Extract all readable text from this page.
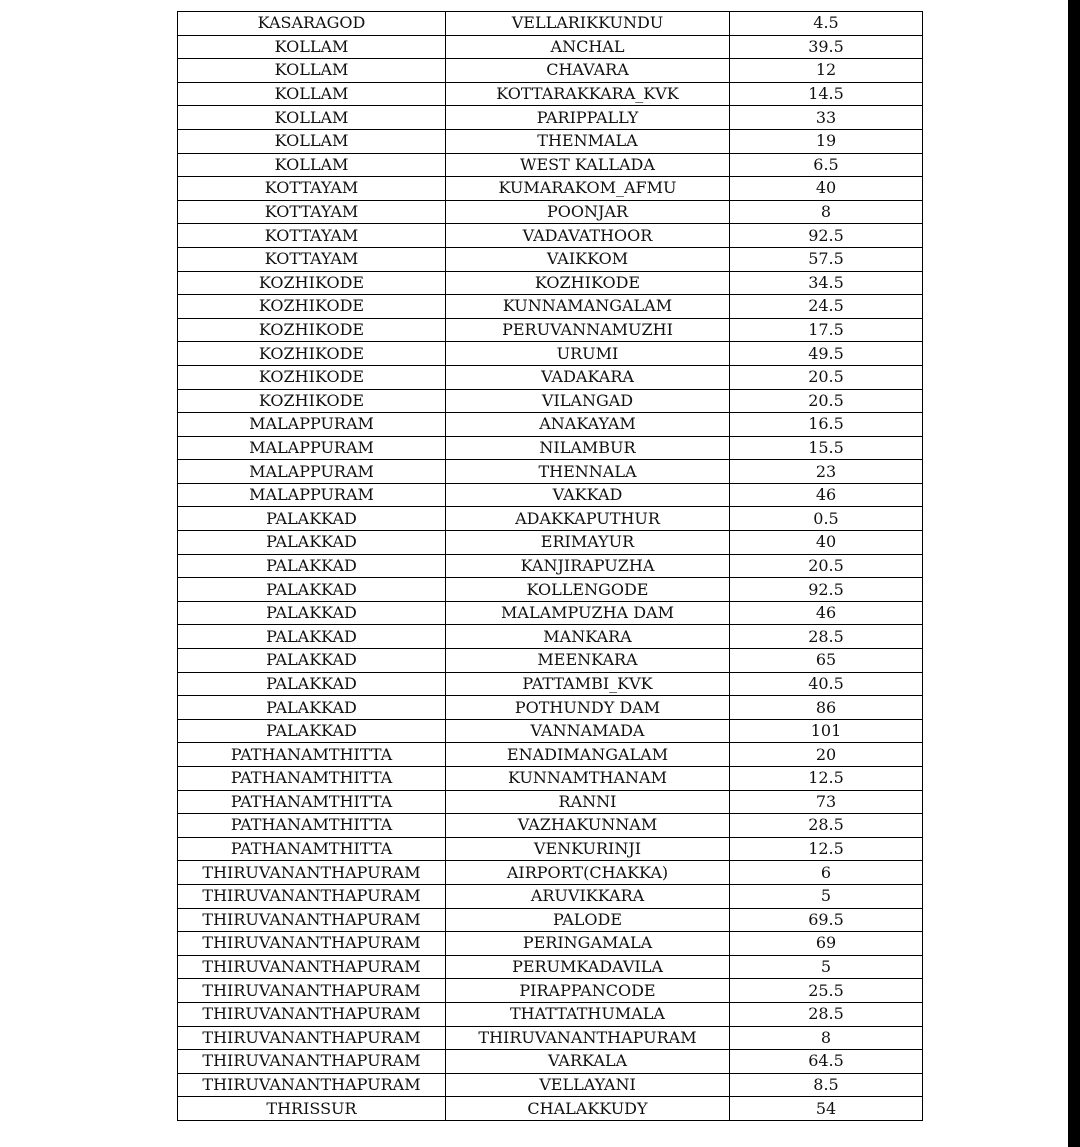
KASARAGOD	VELLARIKKUNDU	4.5
KOLLAM	ANCHAL	39.5
KOLLAM	CHAVARA	12
KOLLAM	KOTTARAKKARA_KVK	14.5
KOLLAM	PARIPPALLY	33
KOLLAM	THENMALA	19
KOLLAM	WEST KALLADA	6.5
KOTTAYAM	KUMARAKOM_AFMU	40
KOTTAYAM	POONJAR	8
KOTTAYAM	VADAVATHOOR	92.5
KOTTAYAM	VAIKKOM	57.5
KOZHIKODE	KOZHIKODE	34.5
KOZHIKODE	KUNNAMANGALAM	24.5
KOZHIKODE	PERUVANNAMUZHI	17.5
KOZHIKODE	URUMI	49.5
KOZHIKODE	VADAKARA	20.5
KOZHIKODE	VILANGAD	20.5
MALAPPURAM	ANAKAYAM	16.5
MALAPPURAM	NILAMBUR	15.5
MALAPPURAM	THENNALA	23
MALAPPURAM	VAKKAD	46
PALAKKAD	ADAKKAPUTHUR	0.5
PALAKKAD	ERIMAYUR	40
PALAKKAD	KANJIRAPUZHA	20.5
PALAKKAD	KOLLENGODE	92.5
PALAKKAD	MALAMPUZHA DAM	46
PALAKKAD	MANKARA	28.5
PALAKKAD	MEENKARA	65
PALAKKAD	PATTAMBI_KVK	40.5
PALAKKAD	POTHUNDY DAM	86
PALAKKAD	VANNAMADA	101
PATHANAMTHITTA	ENADIMANGALAM	20
PATHANAMTHITTA	KUNNAMTHANAM	12.5
PATHANAMTHITTA	RANNI	73
PATHANAMTHITTA	VAZHAKUNNAM	28.5
PATHANAMTHITTA	VENKURINJI	12.5
THIRUVANANTHAPURAM	AIRPORT(CHAKKA)	6
THIRUVANANTHAPURAM	ARUVIKKARA	5
THIRUVANANTHAPURAM	PALODE	69.5
THIRUVANANTHAPURAM	PERINGAMALA	69
THIRUVANANTHAPURAM	PERUMKADAVILA	5
THIRUVANANTHAPURAM	PIRAPPANCODE	25.5
THIRUVANANTHAPURAM	THATTATHUMALA	28.5
THIRUVANANTHAPURAM	THIRUVANANTHAPURAM	8
THIRUVANANTHAPURAM	VARKALA	64.5
THIRUVANANTHAPURAM	VELLAYANI	8.5
THRISSUR	CHALAKKUDY	54
